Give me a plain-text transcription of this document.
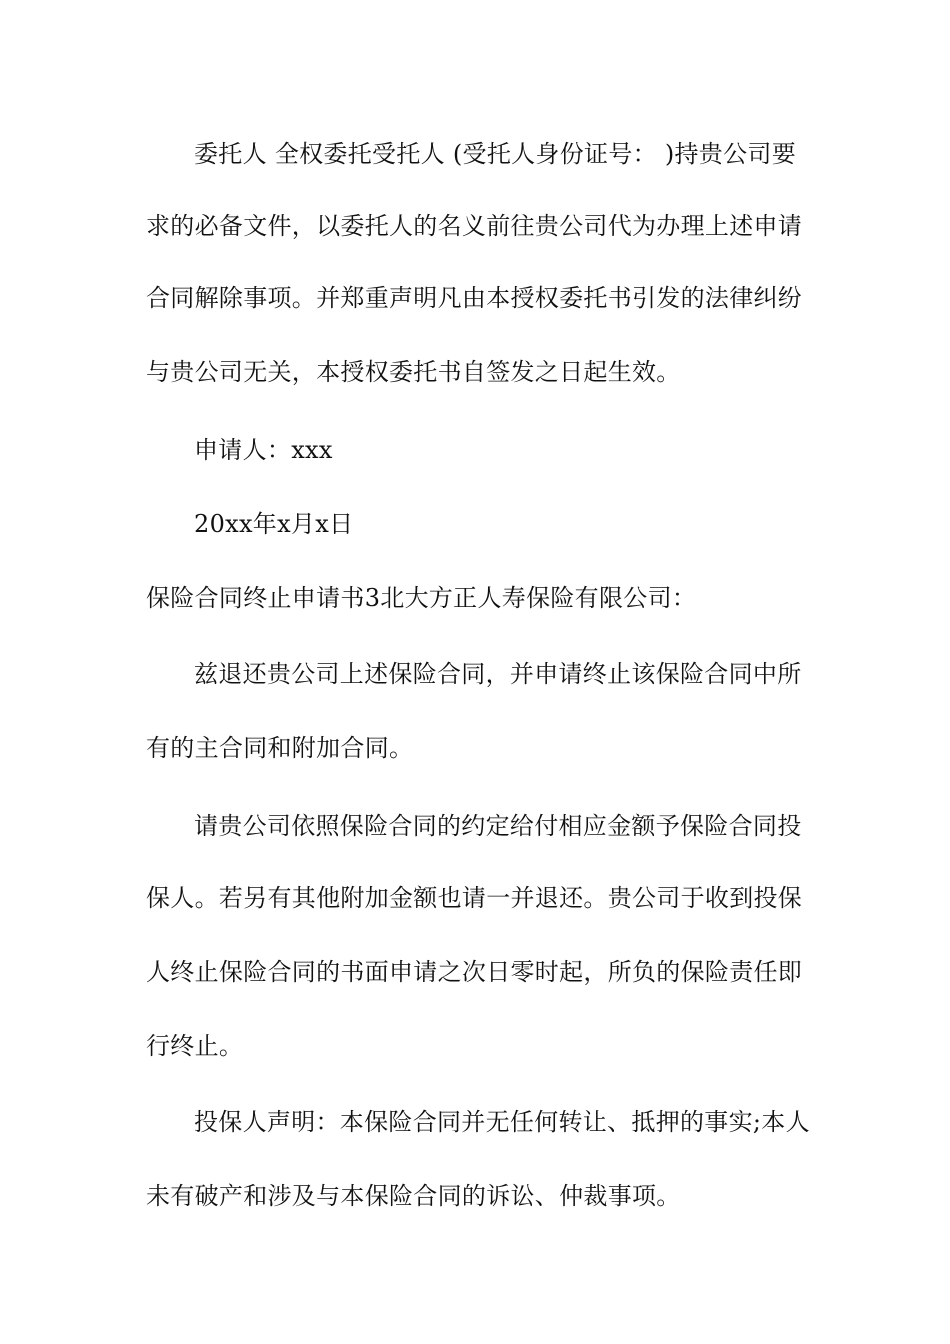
委托人 全权委托受托人 (受托人身份证号： )持贵公司要

求的必备文件，以委托人的名义前往贵公司代为办理上述申请

合同解除事项。并郑重声明凡由本授权委托书引发的法律纠纷

与贵公司无关，本授权委托书自签发之日起生效。

申请人：xxx

20xx年x月x日

保险合同终止申请书3北大方正人寿保险有限公司：

兹退还贵公司上述保险合同，并申请终止该保险合同中所

有的主合同和附加合同。

请贵公司依照保险合同的约定给付相应金额予保险合同投

保人。若另有其他附加金额也请一并退还。贵公司于收到投保

人终止保险合同的书面申请之次日零时起，所负的保险责任即

行终止。

投保人声明：本保险合同并无任何转让、抵押的事实;本人

未有破产和涉及与本保险合同的诉讼、仲裁事项。
